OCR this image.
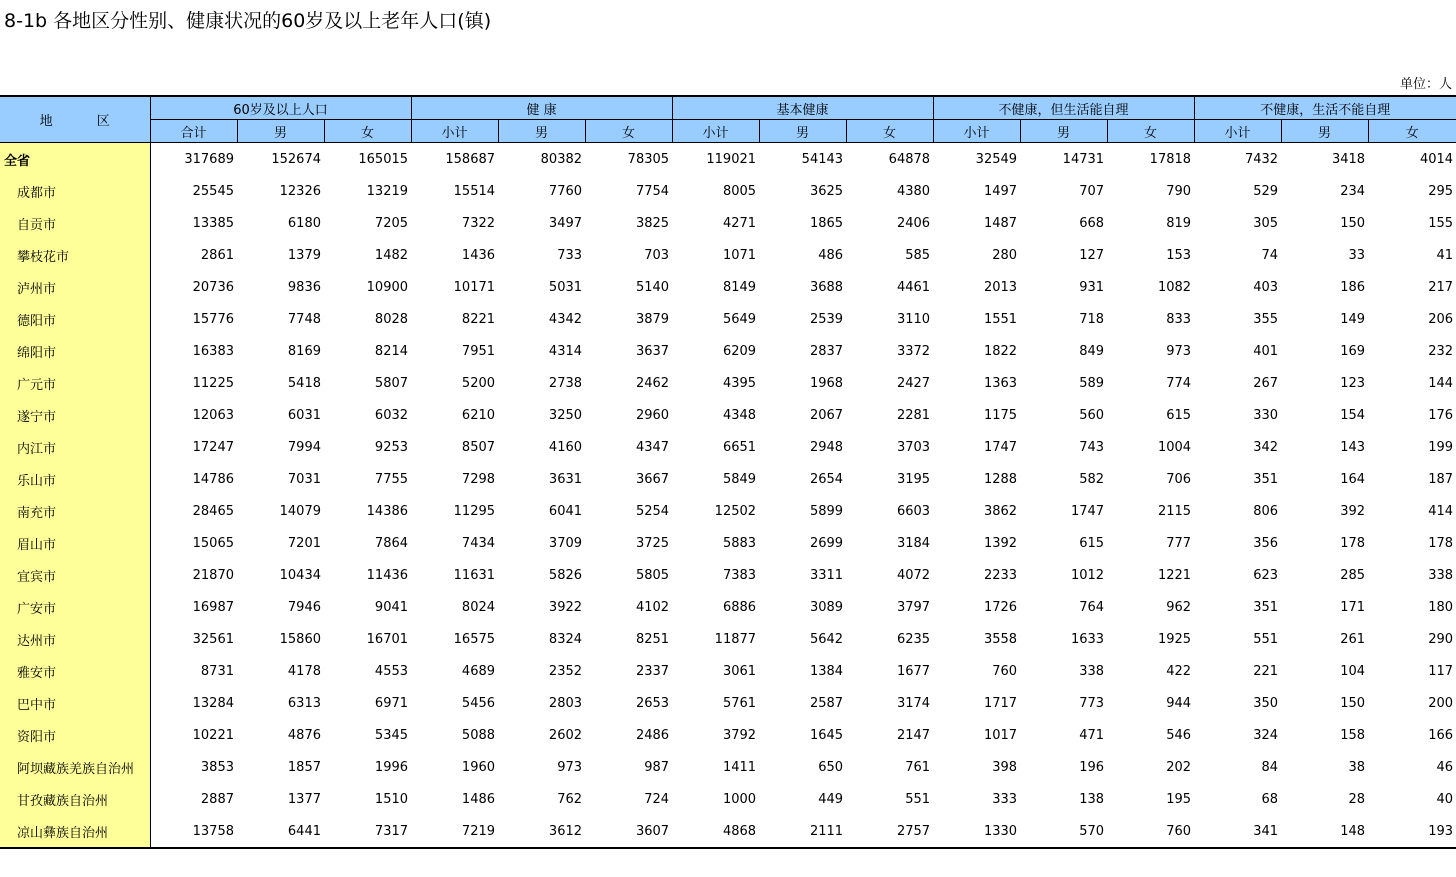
8-1b 各地区分性别、健康状况的60岁及以上老年人口(镇)
单位：人
地 区	60岁及以上人口			健 康			基本健康			不健康，但生活能自理			不健康，生活不能自理		
	合计	男	女	小计	男	女	小计	男	女	小计	男	女	小计	男	女
全省	317689	152674	165015	158687	80382	78305	119021	54143	64878	32549	14731	17818	7432	3418	4014
成都市	25545	12326	13219	15514	7760	7754	8005	3625	4380	1497	707	790	529	234	295
自贡市	13385	6180	7205	7322	3497	3825	4271	1865	2406	1487	668	819	305	150	155
攀枝花市	2861	1379	1482	1436	733	703	1071	486	585	280	127	153	74	33	41
泸州市	20736	9836	10900	10171	5031	5140	8149	3688	4461	2013	931	1082	403	186	217
德阳市	15776	7748	8028	8221	4342	3879	5649	2539	3110	1551	718	833	355	149	206
绵阳市	16383	8169	8214	7951	4314	3637	6209	2837	3372	1822	849	973	401	169	232
广元市	11225	5418	5807	5200	2738	2462	4395	1968	2427	1363	589	774	267	123	144
遂宁市	12063	6031	6032	6210	3250	2960	4348	2067	2281	1175	560	615	330	154	176
内江市	17247	7994	9253	8507	4160	4347	6651	2948	3703	1747	743	1004	342	143	199
乐山市	14786	7031	7755	7298	3631	3667	5849	2654	3195	1288	582	706	351	164	187
南充市	28465	14079	14386	11295	6041	5254	12502	5899	6603	3862	1747	2115	806	392	414
眉山市	15065	7201	7864	7434	3709	3725	5883	2699	3184	1392	615	777	356	178	178
宜宾市	21870	10434	11436	11631	5826	5805	7383	3311	4072	2233	1012	1221	623	285	338
广安市	16987	7946	9041	8024	3922	4102	6886	3089	3797	1726	764	962	351	171	180
达州市	32561	15860	16701	16575	8324	8251	11877	5642	6235	3558	1633	1925	551	261	290
雅安市	8731	4178	4553	4689	2352	2337	3061	1384	1677	760	338	422	221	104	117
巴中市	13284	6313	6971	5456	2803	2653	5761	2587	3174	1717	773	944	350	150	200
资阳市	10221	4876	5345	5088	2602	2486	3792	1645	2147	1017	471	546	324	158	166
阿坝藏族羌族自治州	3853	1857	1996	1960	973	987	1411	650	761	398	196	202	84	38	46
甘孜藏族自治州	2887	1377	1510	1486	762	724	1000	449	551	333	138	195	68	28	40
凉山彝族自治州	13758	6441	7317	7219	3612	3607	4868	2111	2757	1330	570	760	341	148	193
